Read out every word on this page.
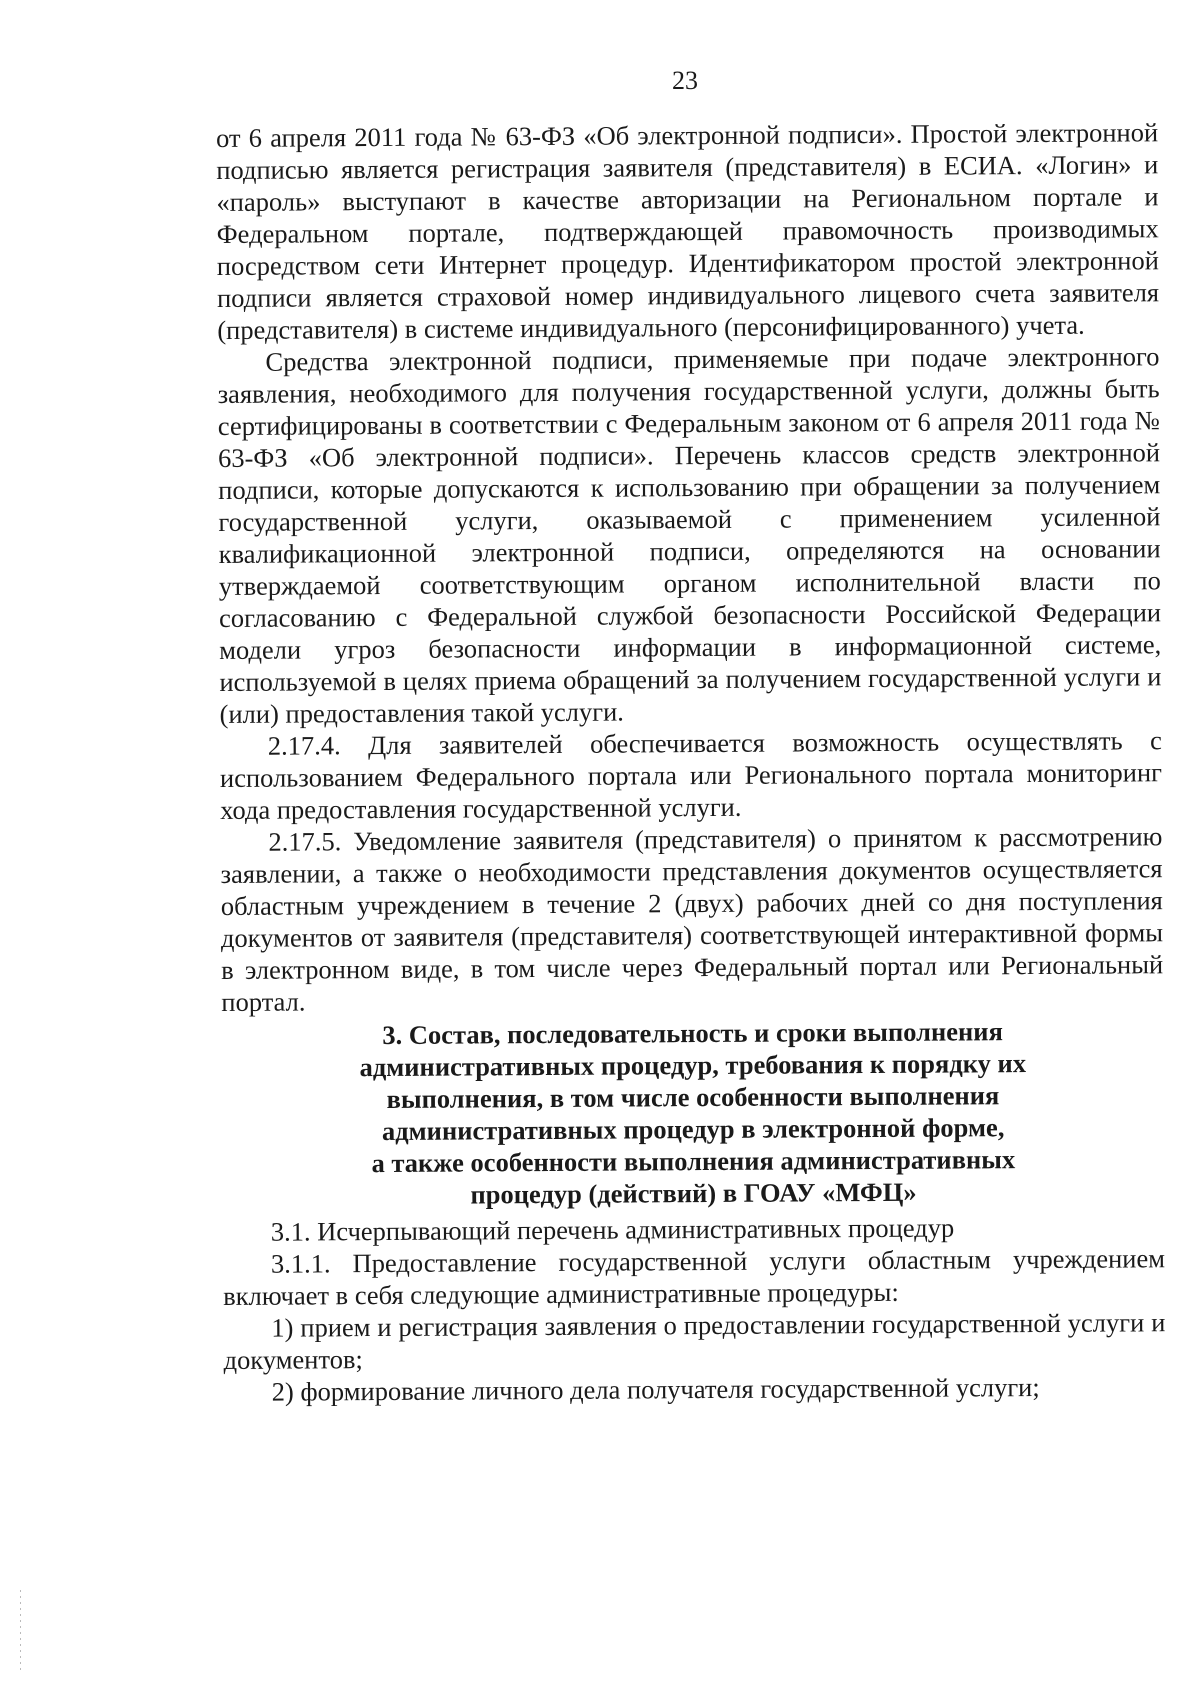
23

от 6 апреля 2011 года № 63-ФЗ «Об электронной подписи». Простой электронной подписью является регистрация заявителя (представителя) в ЕСИА. «Логин» и «пароль» выступают в качестве авторизации на Региональном портале и Федеральном портале, подтверждающей правомочность производимых посредством сети Интернет процедур. Идентификатором простой электронной подписи является страховой номер индивидуального лицевого счета заявителя (представителя) в системе индивидуального (персонифицированного) учета.

Средства электронной подписи, применяемые при подаче электронного заявления, необходимого для получения государственной услуги, должны быть сертифицированы в соответствии с Федеральным законом от 6 апреля 2011 года № 63-ФЗ «Об электронной подписи». Перечень классов средств электронной подписи, которые допускаются к использованию при обращении за получением государственной услуги, оказываемой с применением усиленной квалификационной электронной подписи, определяются на основании утверждаемой соответствующим органом исполнительной власти по согласованию с Федеральной службой безопасности Российской Федерации модели угроз безопасности информации в информационной системе, используемой в целях приема обращений за получением государственной услуги и (или) предоставления такой услуги.

2.17.4. Для заявителей обеспечивается возможность осуществлять с использованием Федерального портала или Регионального портала мониторинг хода предоставления государственной услуги.

2.17.5. Уведомление заявителя (представителя) о принятом к рассмотрению заявлении, а также о необходимости представления документов осуществляется областным учреждением в течение 2 (двух) рабочих дней со дня поступления документов от заявителя (представителя) соответствующей интерактивной формы в электронном виде, в том числе через Федеральный портал или Региональный портал.

3. Состав, последовательность и сроки выполнения
административных процедур, требования к порядку их
выполнения, в том числе особенности выполнения
административных процедур в электронной форме,
а также особенности выполнения административных
процедур (действий) в ГОАУ «МФЦ»

3.1. Исчерпывающий перечень административных процедур

3.1.1. Предоставление государственной услуги областным учреждением включает в себя следующие административные процедуры:

1) прием и регистрация заявления о предоставлении государственной услуги и документов;

2) формирование личного дела получателя государственной услуги;
